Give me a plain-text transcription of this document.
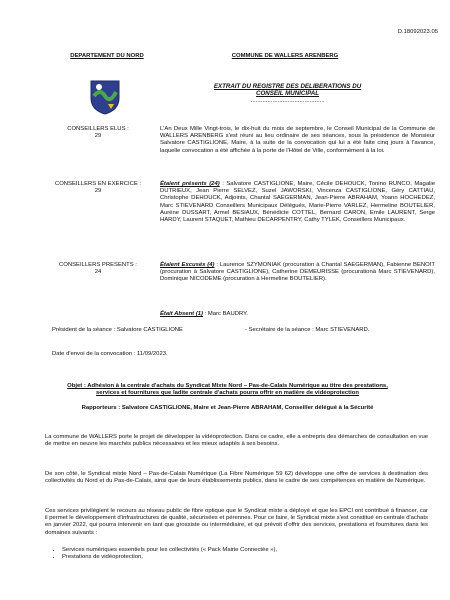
D.18092023.05
DEPARTEMENT DU NORD	COMMUNE DE WALLERS ARENBERG
EXTRAIT DU REGISTRE DES DELIBERATIONS DU CONSEIL MUNICIPAL
------------------------------
CONSEILLERS ELUS :
29
CONSEILLERS EN EXERCICE :
29
CONSEILLERS PRESENTS :
24
L'An Deux Mille Vingt-trois, le dix-huit du mois de septembre, le Conseil Municipal de la Commune de WALLERS ARENBERG s'est réuni au lieu ordinaire de ses séances, sous la présidence de Monsieur Salvatore CASTIGLIONE, Maire, à la suite de la convocation qui lui a été faite cinq jours à l'avance, laquelle convocation a été affichée à la porte de l'Hôtel de Ville, conformément à la loi.
Étaient présents (24) : Salvatore CASTIGLIONE, Maire, Cécile DEHOUCK, Tonino RUNCO, Magalie DUTRIEUX, Jean Pierre SELVEZ, Suzel JAWORSKI, Vincenza CASTIGLIONE, Géry CATTIAU, Christophe DEHOUCK, Adjoints, Chantal SAEGERMAN, Jean-Pierre ABRAHAM, Yoann HOCHEDEZ, Marc STIEVENARD Conseillers Municipaux Délégués, Marie-Pierre VARLEZ, Hermeline BOUTELIER, Auréne DUSSART, Armel BESIAUX, Bénédicte COTTEL, Bernard CARON, Emile LAURENT, Serge HARDY, Laurent STAQUET, Mathieu DECARPENTRY, Cathy TYLEK, Conseillers Municipaux.
Étaient Excusés (4) : Laurence SZYMONIAK (procuration à Chantal SAEGERMAN), Fabienne BENOIT (procuration à Salvatore CASTIGLIONE), Catherine DEMEURISSE (procurationà Marc STIEVENARD), Dominique NICODEME (procuration à Hermeline BOUTELIER).
Était Absent (1) : Marc BAUDRY.
Président de la séance : Salvatore CASTIGLIONE	- Secrétaire de la séance : Marc STIEVENARD.
Date d'envoi de la convocation : 11/09/2023.
Objet : Adhésion à la centrale d'achats du Syndicat Mixte Nord – Pas-de-Calais Numérique au titre des prestations, services et fournitures que ladite centrale d'achats pourra offrir en matière de vidéoprotection
Rapporteurs : Salvatore CASTIGLIONE, Maire et Jean-Pierre ABRAHAM, Conseiller délégué à la Sécurité
La commune de WALLERS porte le projet de développer la vidéoprotection. Dans ce cadre, elle a entrepris des démarches de consultation en vue de mettre en oeuvre les marchés publics nécessaires et les mieux adaptés à ses besoins.
De son côté, le Syndicat mixte Nord – Pas-de-Calais Numérique (La Fibre Numérique 59 62) développe une offre de services à destination des collectivités du Nord et du Pas-de-Calais, ainsi que de leurs établissements publics, dans le cadre de ses compétences en matière de Numérique.
Ces services privilégient le recours au réseau public de fibre optique que le Syndicat mixte a déployé et que les EPCI ont contribué à financer, car il permet le développement d'infrastructures de qualité, sécurisées et pérennes. Pour ce faire, le Syndicat mixte s'est constitué en centrale d'achats en janvier 2022, qui pourra intervenir en tant que grossiste ou intermédiaire, et qui prévoit d'offrir des services, prestations et fournitures dans les domaines suivants :
• Services numériques essentiels pour les collectivités (« Pack Mairie Connectée »),
• Prestations de vidéoprotection,
